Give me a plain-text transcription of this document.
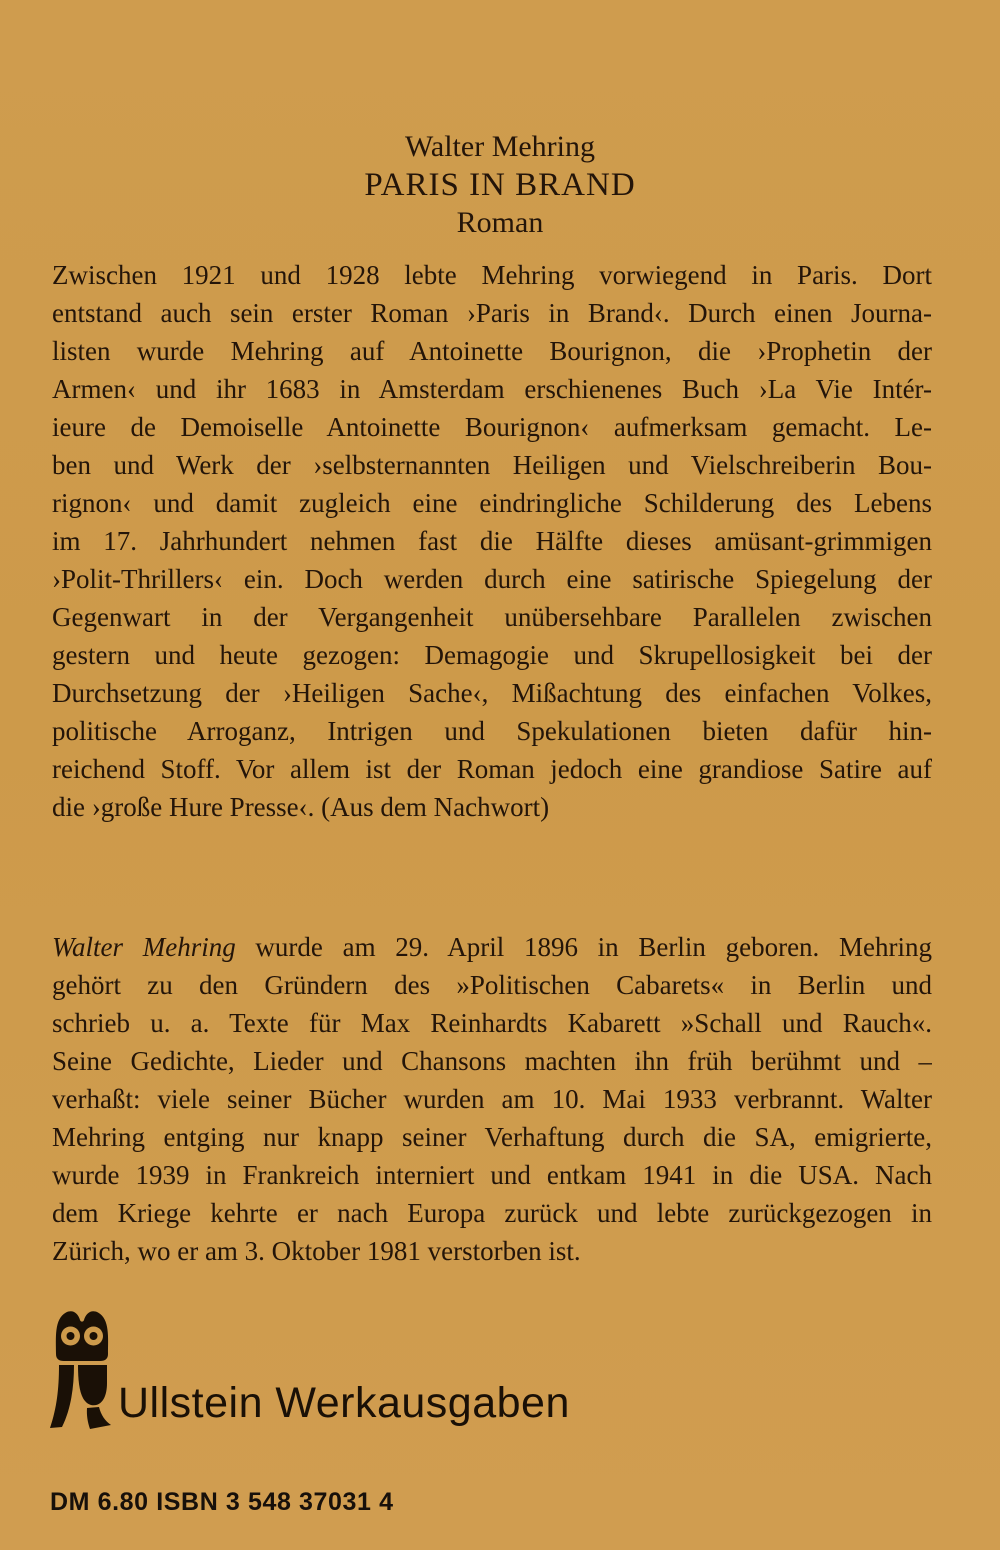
Walter Mehring
PARIS IN BRAND
Roman
Zwischen 1921 und 1928 lebte Mehring vorwiegend in Paris. Dort
entstand auch sein erster Roman ›Paris in Brand‹. Durch einen Journa-
listen wurde Mehring auf Antoinette Bourignon, die ›Prophetin der
Armen‹ und ihr 1683 in Amsterdam erschienenes Buch ›La Vie Intér-
ieure de Demoiselle Antoinette Bourignon‹ aufmerksam gemacht. Le-
ben und Werk der ›selbsternannten Heiligen und Vielschreiberin Bou-
rignon‹ und damit zugleich eine eindringliche Schilderung des Lebens
im 17. Jahrhundert nehmen fast die Hälfte dieses amüsant-grimmigen
›Polit-Thrillers‹ ein. Doch werden durch eine satirische Spiegelung der
Gegenwart in der Vergangenheit unübersehbare Parallelen zwischen
gestern und heute gezogen: Demagogie und Skrupellosigkeit bei der
Durchsetzung der ›Heiligen Sache‹, Mißachtung des einfachen Volkes,
politische Arroganz, Intrigen und Spekulationen bieten dafür hin-
reichend Stoff. Vor allem ist der Roman jedoch eine grandiose Satire auf
die ›große Hure Presse‹. (Aus dem Nachwort)
Walter Mehring wurde am 29. April 1896 in Berlin geboren. Mehring
gehört zu den Gründern des »Politischen Cabarets« in Berlin und
schrieb u. a. Texte für Max Reinhardts Kabarett »Schall und Rauch«.
Seine Gedichte, Lieder und Chansons machten ihn früh berühmt und –
verhaßt: viele seiner Bücher wurden am 10. Mai 1933 verbrannt. Walter
Mehring entging nur knapp seiner Verhaftung durch die SA, emigrierte,
wurde 1939 in Frankreich interniert und entkam 1941 in die USA. Nach
dem Kriege kehrte er nach Europa zurück und lebte zurückgezogen in
Zürich, wo er am 3. Oktober 1981 verstorben ist.
Ullstein Werkausgaben
DM 6.80 ISBN 3 548 37031 4
